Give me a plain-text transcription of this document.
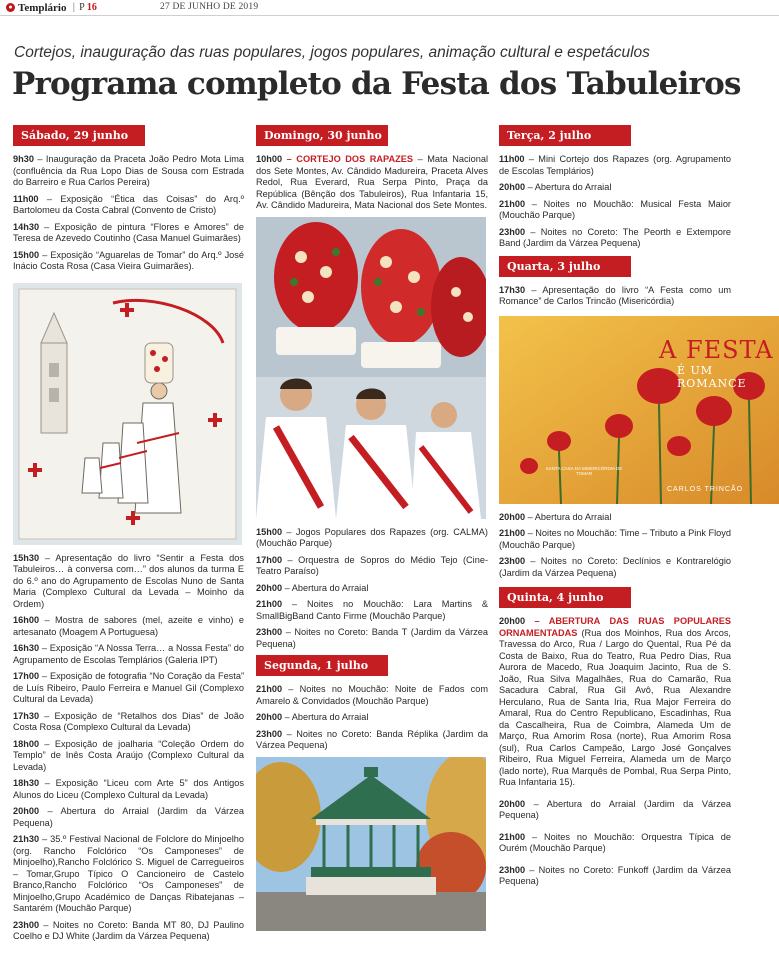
● Templário | P 16	27 DE JUNHO DE 2019
Cortejos, inauguração das ruas populares, jogos populares, animação cultural e espetáculos
Programa completo da Festa dos Tabuleiros
Sábado, 29 junho

9h30 – Inauguração da Praceta João Pedro Mota Lima (confluência da Rua Lopo Dias de Sousa com Estrada do Barreiro e Rua Carlos Pereira)

11h00 – Exposição “Ética das Coisas” do Arq.º Bartolomeu da Costa Cabral (Convento de Cristo)

14h30 – Exposição de pintura “Flores e Amores” de Teresa de Azevedo Coutinho (Casa Manuel Guimarães)

15h00 – Exposição “Aguarelas de Tomar” do Arq.º José Inácio Costa Rosa (Casa Vieira Guimarães).

15h30 – Apresentação do livro “Sentir a Festa dos Tabuleiros… à conversa com…” dos alunos da turma E do 6.º ano do Agrupamento de Escolas Nuno de Santa Maria (Complexo Cultural da Levada – Moinho da Ordem)

16h00 – Mostra de sabores (mel, azeite e vinho) e artesanato (Moagem A Portuguesa)

16h30 – Exposição “A Nossa Terra… a Nossa Festa” do Agrupamento de Escolas Templários (Galeria IPT)

17h00 – Exposição de fotografia “No Coração da Festa” de Luís Ribeiro, Paulo Ferreira e Manuel Gil (Complexo Cultural da Levada)

17h30 – Exposição de “Retalhos dos Dias” de João Costa Rosa (Complexo Cultural da Levada)

18h00 – Exposição de joalharia “Coleção Ordem do Templo” de Inês Costa Araújo (Complexo Cultural da Levada)

18h30 – Exposição “Liceu com Arte 5” dos Antigos Alunos do Liceu (Complexo Cultural da Levada)

20h00 – Abertura do Arraial (Jardim da Várzea Pequena)

21h30 – 35.º Festival Nacional de Folclore do Minjoelho (org. Rancho Folclórico “Os Camponeses” de Minjoelho),Rancho Folclórico S. Miguel de Carregueiros – Tomar,Grupo Típico O Cancioneiro de Castelo Branco,Rancho Folclórico “Os Camponeses” de Minjoelho,Grupo Académico de Danças Ribatejanas – Santarém (Mouchão Parque)

23h00 – Noites no Coreto: Banda MT 80, DJ Paulino Coelho e DJ White (Jardim da Várzea Pequena)

Domingo, 30 junho

10h00 – CORTEJO DOS RAPAZES – Mata Nacional dos Sete Montes, Av. Cândido Madureira, Praceta Alves Redol, Rua Everard, Rua Serpa Pinto, Praça da República (Bênção dos Tabuleiros), Rua Infantaria 15, Av. Cândido Madureira, Mata Nacional dos Sete Montes.

15h00 – Jogos Populares dos Rapazes (org. CALMA) (Mouchão Parque)

17h00 – Orquestra de Sopros do Médio Tejo (Cine-Teatro Paraíso)

20h00 – Abertura do Arraial

21h00 – Noites no Mouchão: Lara Martins & SmallBigBand Canto Firme (Mouchão Parque)

23h00 – Noites no Coreto: Banda T (Jardim da Várzea Pequena)

Segunda, 1 julho

21h00 – Noites no Mouchão: Noite de Fados com Amarelo & Convidados (Mouchão Parque)

20h00 – Abertura do Arraial

23h00 – Noites no Coreto: Banda Réplika (Jardim da Várzea Pequena)

Terça, 2 julho

11h00 – Mini Cortejo dos Rapazes (org. Agrupamento de Escolas Templários)

20h00 – Abertura do Arraial

21h00 – Noites no Mouchão: Musical Festa Maior (Mouchão Parque)

23h00 – Noites no Coreto: The Peorth e Extempore Band (Jardim da Várzea Pequena)

Quarta, 3 julho

17h30 – Apresentação do livro “A Festa como um Romance” de Carlos Trincão (Misericórdia)

A FESTA
É UM ROMANCE
SANTA CASA DA MISERICÓRDIA DE TOMAR
CARLOS TRINCÃO

20h00 – Abertura do Arraial

21h00 – Noites no Mouchão: Time – Tributo a Pink Floyd (Mouchão Parque)

23h00 – Noites no Coreto: Declínios e Kontrarelógio (Jardim da Várzea Pequena)

Quinta, 4 junho

20h00 – ABERTURA DAS RUAS POPULARES ORNAMENTADAS (Rua dos Moinhos, Rua dos Arcos, Travessa do Arco, Rua / Largo do Quental, Rua Pé da Costa de Baixo, Rua do Teatro, Rua Pedro Dias, Rua Aurora de Macedo, Rua Joaquim Jacinto, Rua de S. João, Rua Silva Magalhães, Rua do Camarão, Rua Sacadura Cabral, Rua Gil Avô, Rua Alexandre Herculano, Rua de Santa Iria, Rua Major Ferreira do Amaral, Rua do Centro Republicano, Escadinhas, Rua da Cascalheira, Rua de Coimbra, Alameda Um de Março, Rua Amorim Rosa (norte), Rua Amorim Rosa (sul), Rua Carlos Campeão, Largo José Gonçalves Ribeiro, Rua Miguel Ferreira, Alameda um de Março (lado norte), Rua Marquês de Pombal, Rua Serpa Pinto, Rua Infantaria 15).

20h00 – Abertura do Arraial (Jardim da Várzea Pequena)

21h00 – Noites no Mouchão: Orquestra Típica de Ourém (Mouchão Parque)

23h00 – Noites no Coreto: Funkoff (Jardim da Várzea Pequena)
